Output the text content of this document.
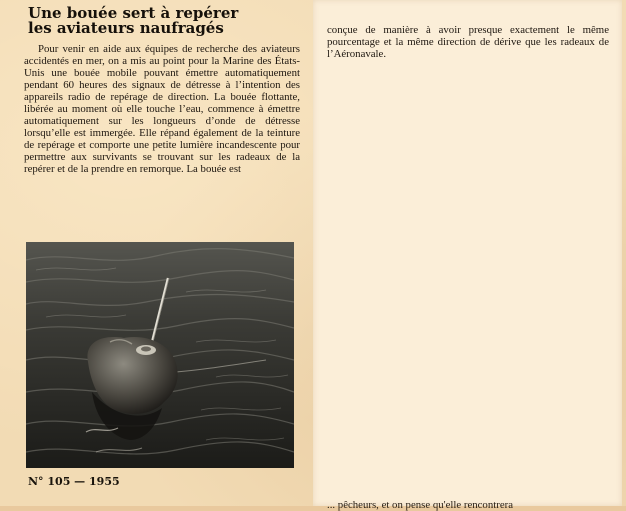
Une bouée sert à repérer
les aviateurs naufragés

Pour venir en aide aux équipes de recherche des aviateurs accidentés en mer, on a mis au point pour la Marine des États-Unis une bouée mobile pouvant émettre automatiquement pendant 60 heures des signaux de détresse à l’intention des appareils radio de repérage de direction. La bouée flottante, libérée au moment où elle touche l’eau, commence à émettre automatiquement sur les longueurs d’onde de détresse lorsqu’elle est immergée. Elle répand également de la teinture de repérage et comporte une petite lumière incandescente pour permettre aux survivants se trouvant sur les radeaux de la repérer et de la prendre en remorque. La bouée est

N° 105 — 1955

conçue de manière à avoir presque exactement le même pourcentage et la même direction de dérive que les radeaux de l’Aéronavale.

... pêcheurs, et on pense qu'elle rencontrera
